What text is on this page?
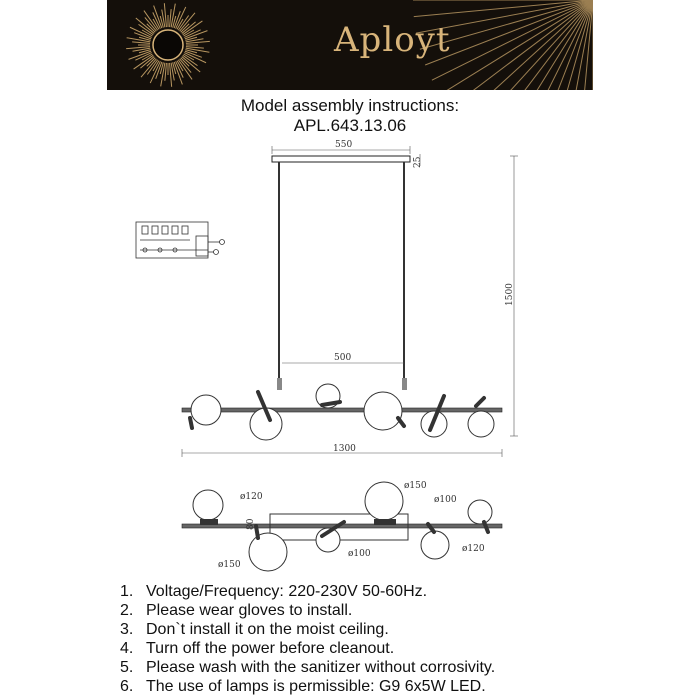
Aployt
Model assembly instructions:
APL.643.13.06
550
25
1500
500
1300
ø120
ø150
ø100
ø150
ø100	ø120
80
1. Voltage/Frequency: 220-230V 50-60Hz.
2. Please wear gloves to install.
3. Don`t install it on the moist ceiling.
4. Turn off the power before cleanout.
5. Please wash with the sanitizer without corrosivity.
6. The use of lamps is permissible: G9 6x5W LED.
